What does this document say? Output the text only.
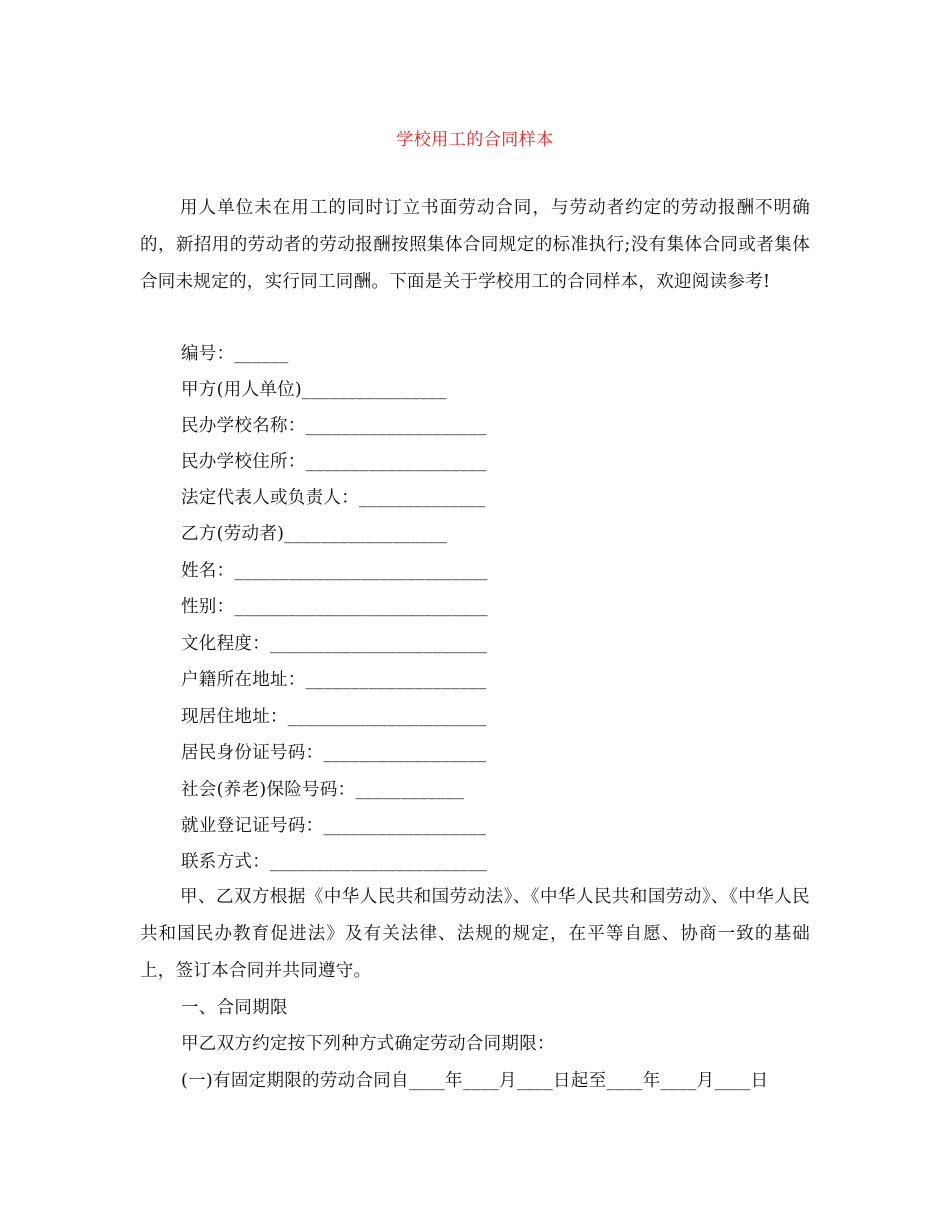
学校用工的合同样本
用人单位未在用工的同时订立书面劳动合同，与劳动者约定的劳动报酬不明确的，新招用的劳动者的劳动报酬按照集体合同规定的标准执行;没有集体合同或者集体合同未规定的，实行同工同酬。下面是关于学校用工的合同样本，欢迎阅读参考!
编号：______
甲方(用人单位)________________
民办学校名称：____________________
民办学校住所：____________________
法定代表人或负责人：______________
乙方(劳动者)__________________
姓名：____________________________
性别：____________________________
文化程度：________________________
户籍所在地址：____________________
现居住地址：______________________
居民身份证号码：__________________
社会(养老)保险号码：____________
就业登记证号码：__________________
联系方式：________________________
甲、乙双方根据《中华人民共和国劳动法》、《中华人民共和国劳动》、《中华人民共和国民办教育促进法》及有关法律、法规的规定，在平等自愿、协商一致的基础上，签订本合同并共同遵守。
一、合同期限
甲乙双方约定按下列种方式确定劳动合同期限：
(一)有固定期限的劳动合同自____年____月____日起至____年____月____日
